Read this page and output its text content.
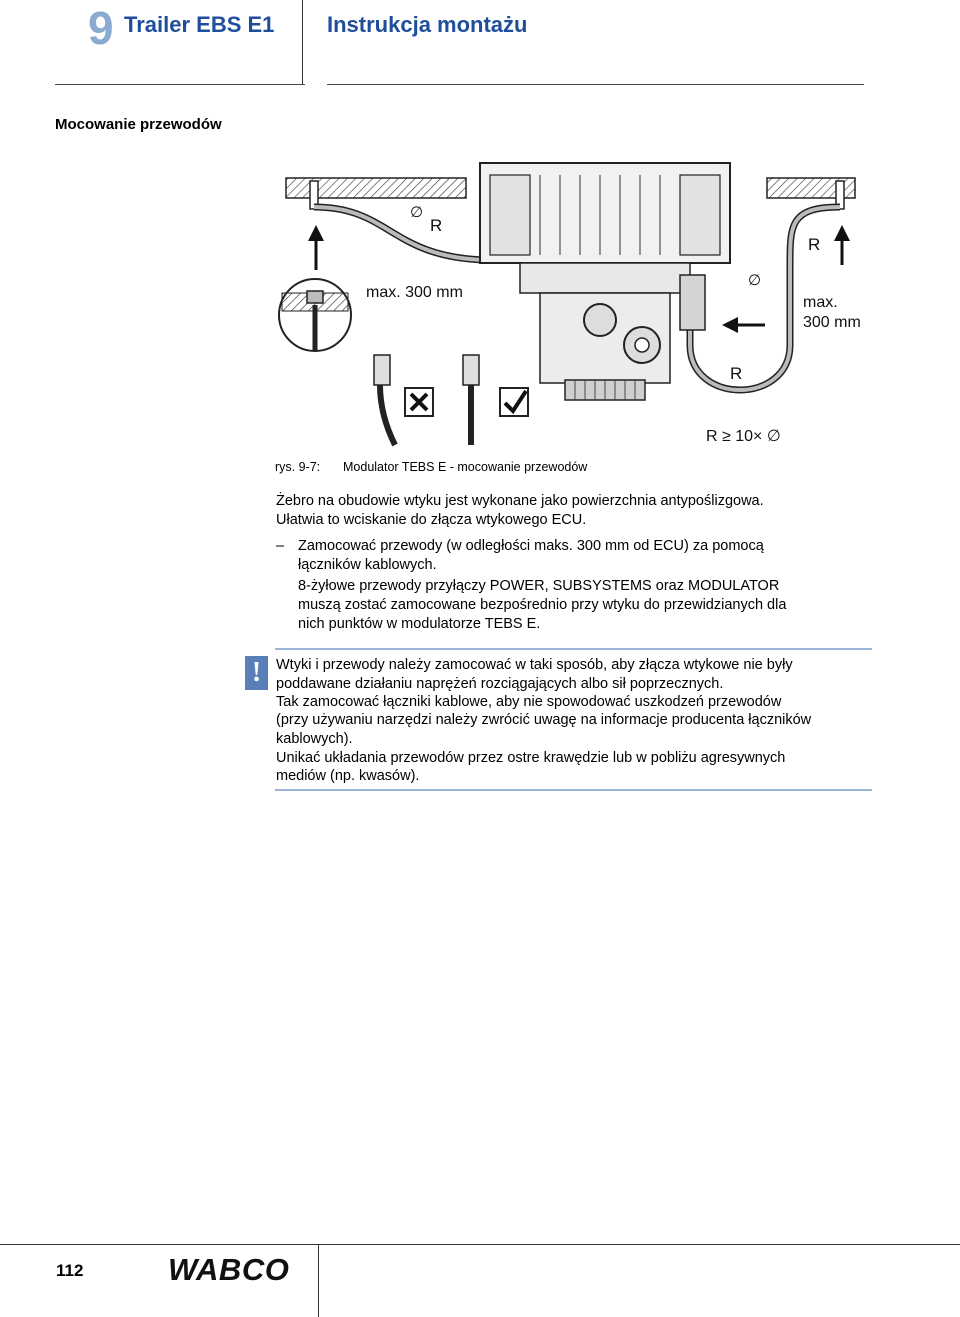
9 Trailer EBS E1 Instrukcja montażu
Mocowanie przewodów
∅
R
max. 300 mm
R
∅
max.
300 mm
R
R ≥ 10× ∅
rys. 9-7: Modulator TEBS E - mocowanie przewodów

Żebro na obudowie wtyku jest wykonane jako powierzchnia antypoślizgowa.

Ułatwia to wciskanie do złącza wtykowego ECU.

– Zamocować przewody (w odległości maks. 300 mm od ECU) za pomocą

łączników kablowych.

8-żyłowe przewody przyłączy POWER, SUBSYSTEMS oraz MODULATOR

muszą zostać zamocowane bezpośrednio przy wtyku do przewidzianych dla

nich punktów w modulatorze TEBS E.

!	Wtyki i przewody należy zamocować w taki sposób, aby złącza wtykowe nie były

poddawane działaniu naprężeń rozciągających albo sił poprzecznych.

Tak zamocować łączniki kablowe, aby nie spowodować uszkodzeń przewodów

(przy używaniu narzędzi należy zwrócić uwagę na informacje producenta łączników

kablowych).

Unikać układania przewodów przez ostre krawędzie lub w pobliżu agresywnych

mediów (np. kwasów).

112	WABCO
